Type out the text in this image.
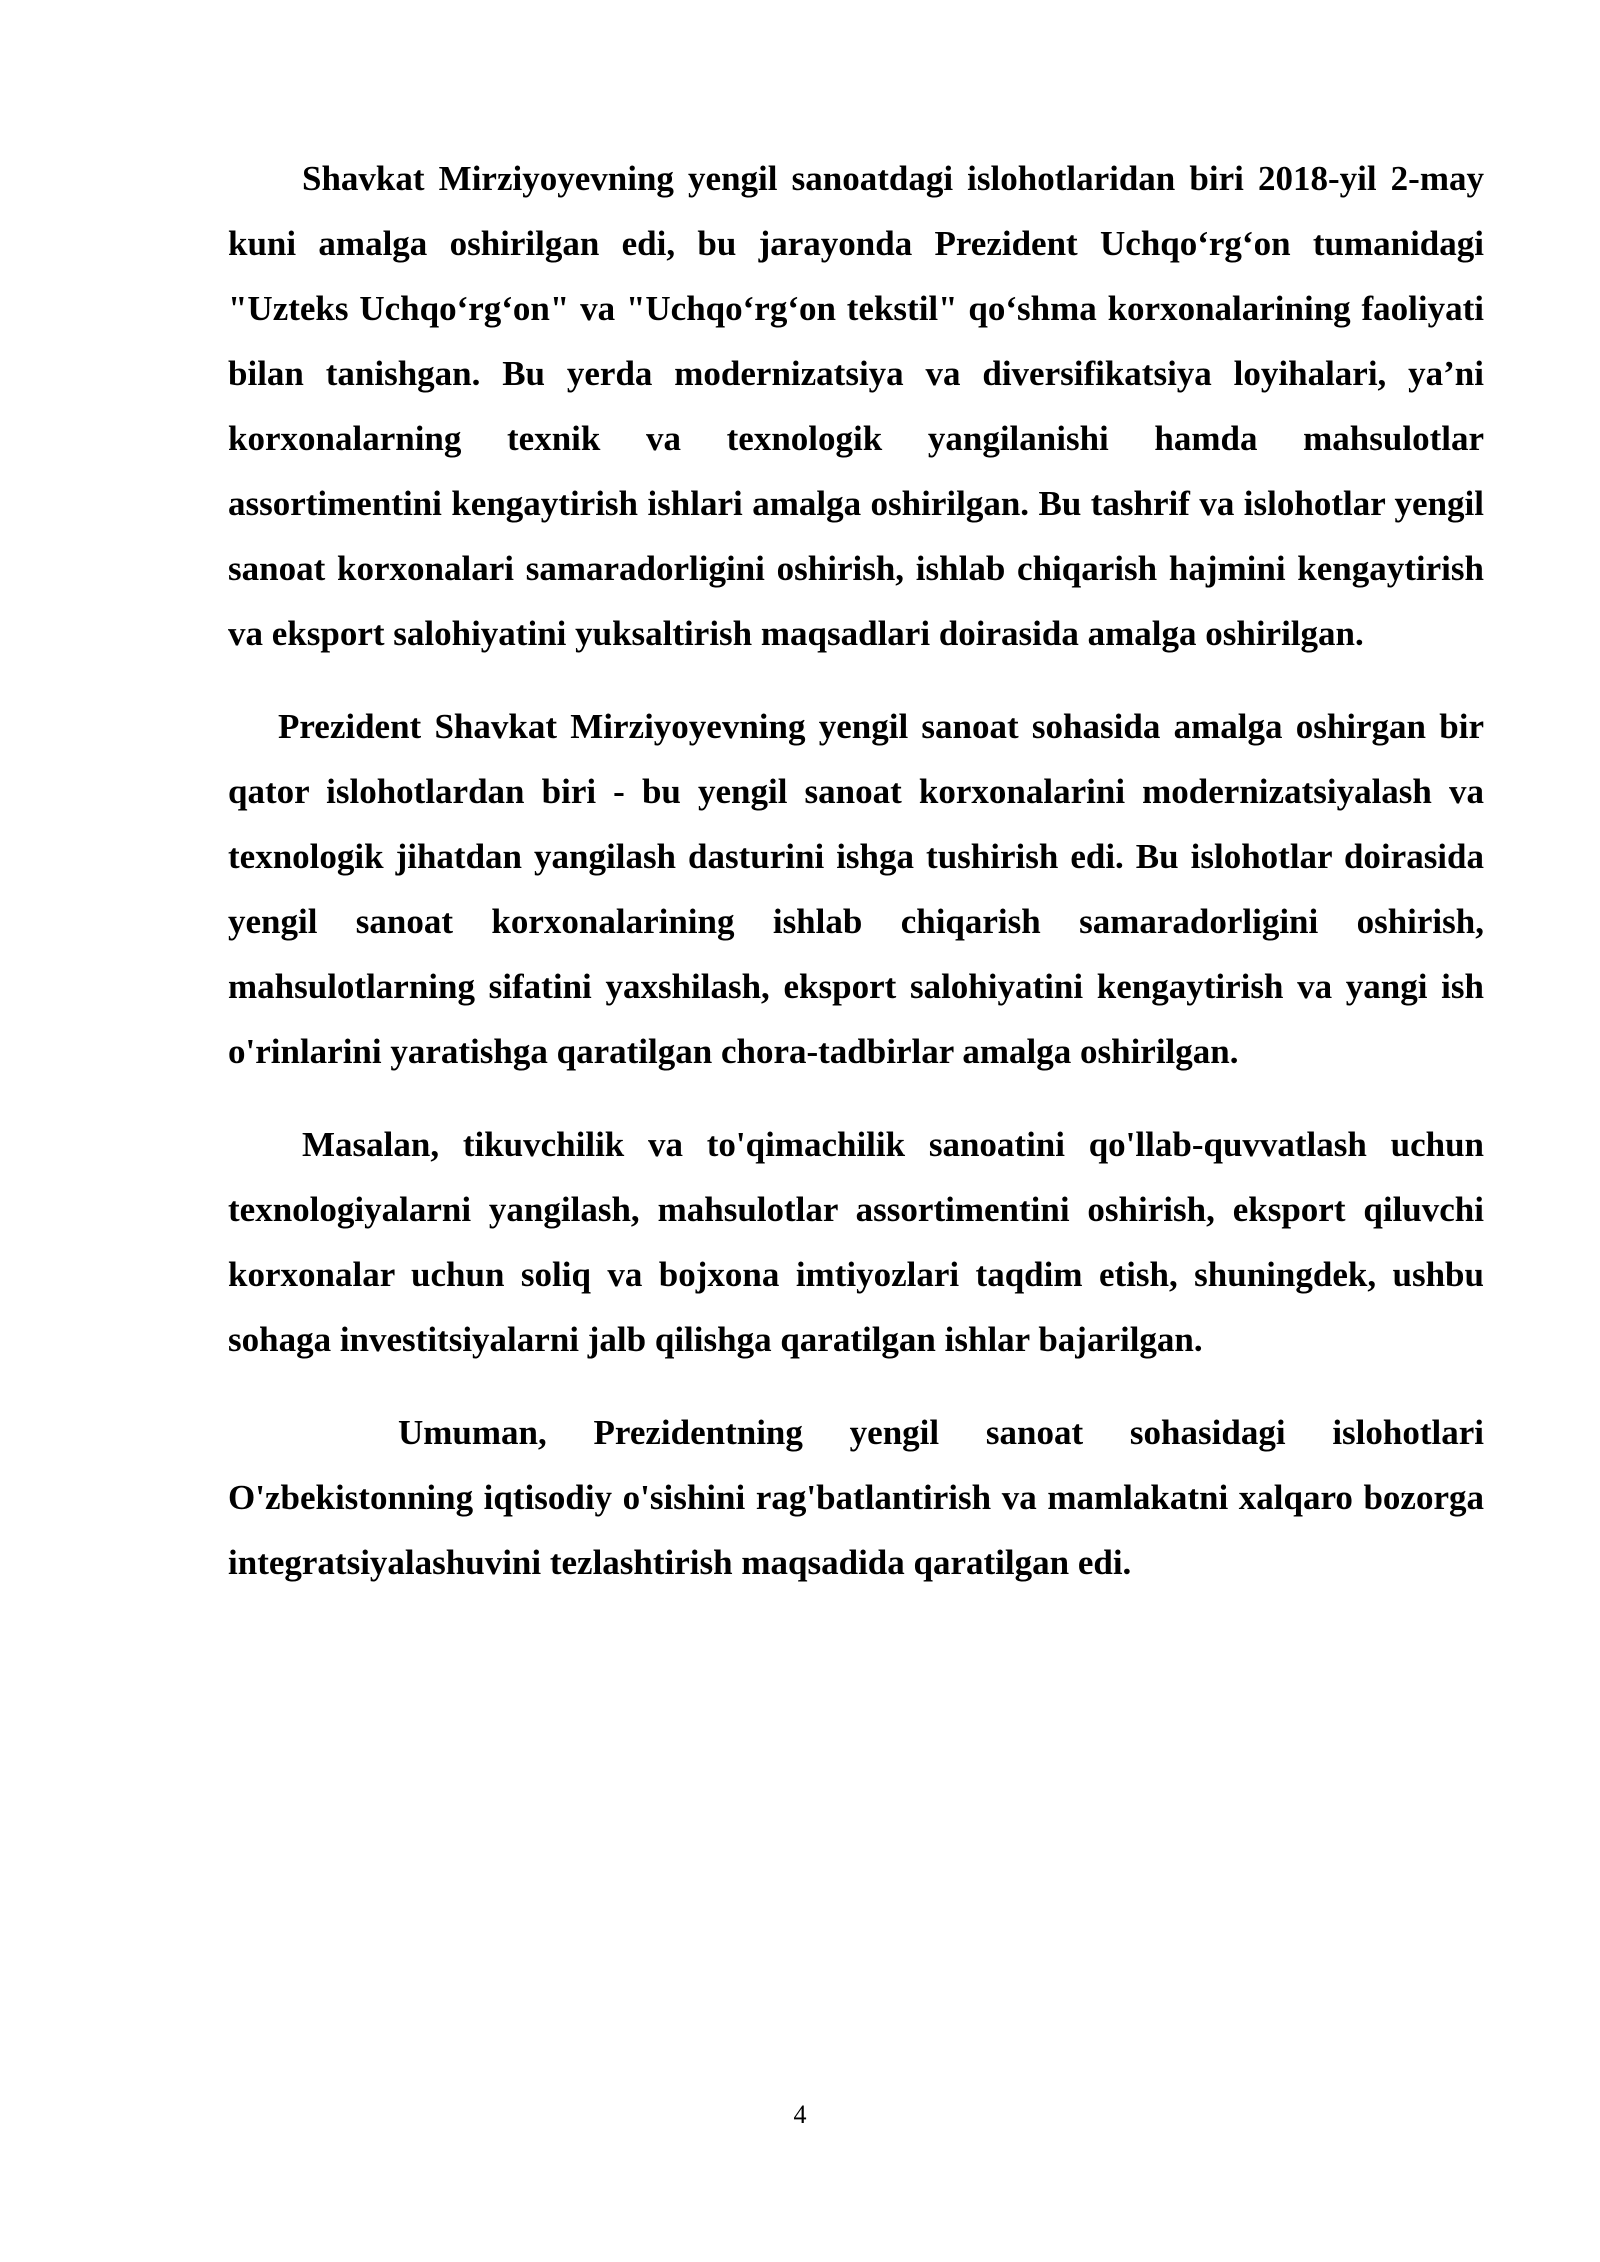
Shavkat Mirziyoyevning yengil sanoatdagi islohotlaridan biri 2018-yil 2-may kuni amalga oshirilgan edi, bu jarayonda Prezident Uchqo‘rg‘on tumanidagi "Uzteks Uchqo‘rg‘on" va "Uchqo‘rg‘on tekstil" qo‘shma korxonalarining faoliyati bilan tanishgan. Bu yerda modernizatsiya va diversifikatsiya loyihalari, ya’ni korxonalarning texnik va texnologik yangilanishi hamda mahsulotlar assortimentini kengaytirish ishlari amalga oshirilgan. Bu tashrif va islohotlar yengil sanoat korxonalari samaradorligini oshirish, ishlab chiqarish hajmini kengaytirish va eksport salohiyatini yuksaltirish maqsadlari doirasida amalga oshirilgan.

Prezident Shavkat Mirziyoyevning yengil sanoat sohasida amalga oshirgan bir qator islohotlardan biri - bu yengil sanoat korxonalarini modernizatsiyalash va texnologik jihatdan yangilash dasturini ishga tushirish edi. Bu islohotlar doirasida yengil sanoat korxonalarining ishlab chiqarish samaradorligini oshirish, mahsulotlarning sifatini yaxshilash, eksport salohiyatini kengaytirish va yangi ish o'rinlarini yaratishga qaratilgan chora-tadbirlar amalga oshirilgan.

Masalan, tikuvchilik va to'qimachilik sanoatini qo'llab-quvvatlash uchun texnologiyalarni yangilash, mahsulotlar assortimentini oshirish, eksport qiluvchi korxonalar uchun soliq va bojxona imtiyozlari taqdim etish, shuningdek, ushbu sohaga investitsiyalarni jalb qilishga qaratilgan ishlar bajarilgan.

Umuman, Prezidentning yengil sanoat sohasidagi islohotlari O'zbekistonning iqtisodiy o'sishini rag'batlantirish va mamlakatni xalqaro bozorga integratsiyalashuvini tezlashtirish maqsadida qaratilgan edi.

4
